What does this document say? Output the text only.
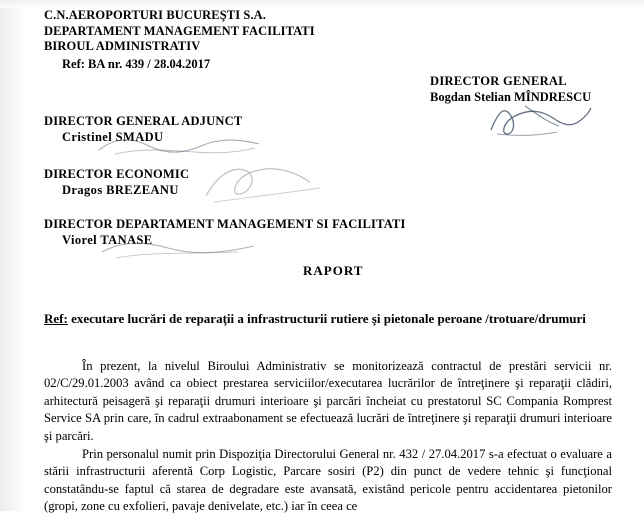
C.N.AEROPORTURI BUCUREŞTI S.A.
DEPARTAMENT MANAGEMENT FACILITATI
BIROUL ADMINISTRATIV
Ref: BA nr. 439 / 28.04.2017
DIRECTOR GENERAL
Bogdan Stelian MÎNDRESCU
DIRECTOR GENERAL ADJUNCT
Cristinel SMADU
DIRECTOR ECONOMIC
Dragos BREZEANU
DIRECTOR DEPARTAMENT MANAGEMENT SI FACILITATI
Viorel TANASE
RAPORT
Ref: executare lucrări de reparaţii a infrastructurii rutiere şi pietonale peroane /trotuare/drumuri

În prezent, la nivelul Biroului Administrativ se monitorizează contractul de prestări servicii nr. 02/C/29.01.2003 având ca obiect prestarea serviciilor/executarea lucrărilor de întreţinere şi reparaţii clădiri, arhitectură peisageră şi reparaţii drumuri interioare şi parcări încheiat cu prestatorul SC Compania Romprest Service SA prin care, în cadrul extraabonament se efectuează lucrări de întreţinere şi reparaţii drumuri interioare şi parcări.

Prin personalul numit prin Dispoziţia Directorului General nr. 432 / 27.04.2017 s-a efectuat o evaluare a stării infrastructurii aferentă Corp Logistic, Parcare sosiri (P2) din punct de vedere tehnic şi funcţional constatându-se faptul că starea de degradare este avansată, existând pericole pentru accidentarea pietonilor (gropi, zone cu exfolieri, pavaje denivelate, etc.) iar în ceea ce
